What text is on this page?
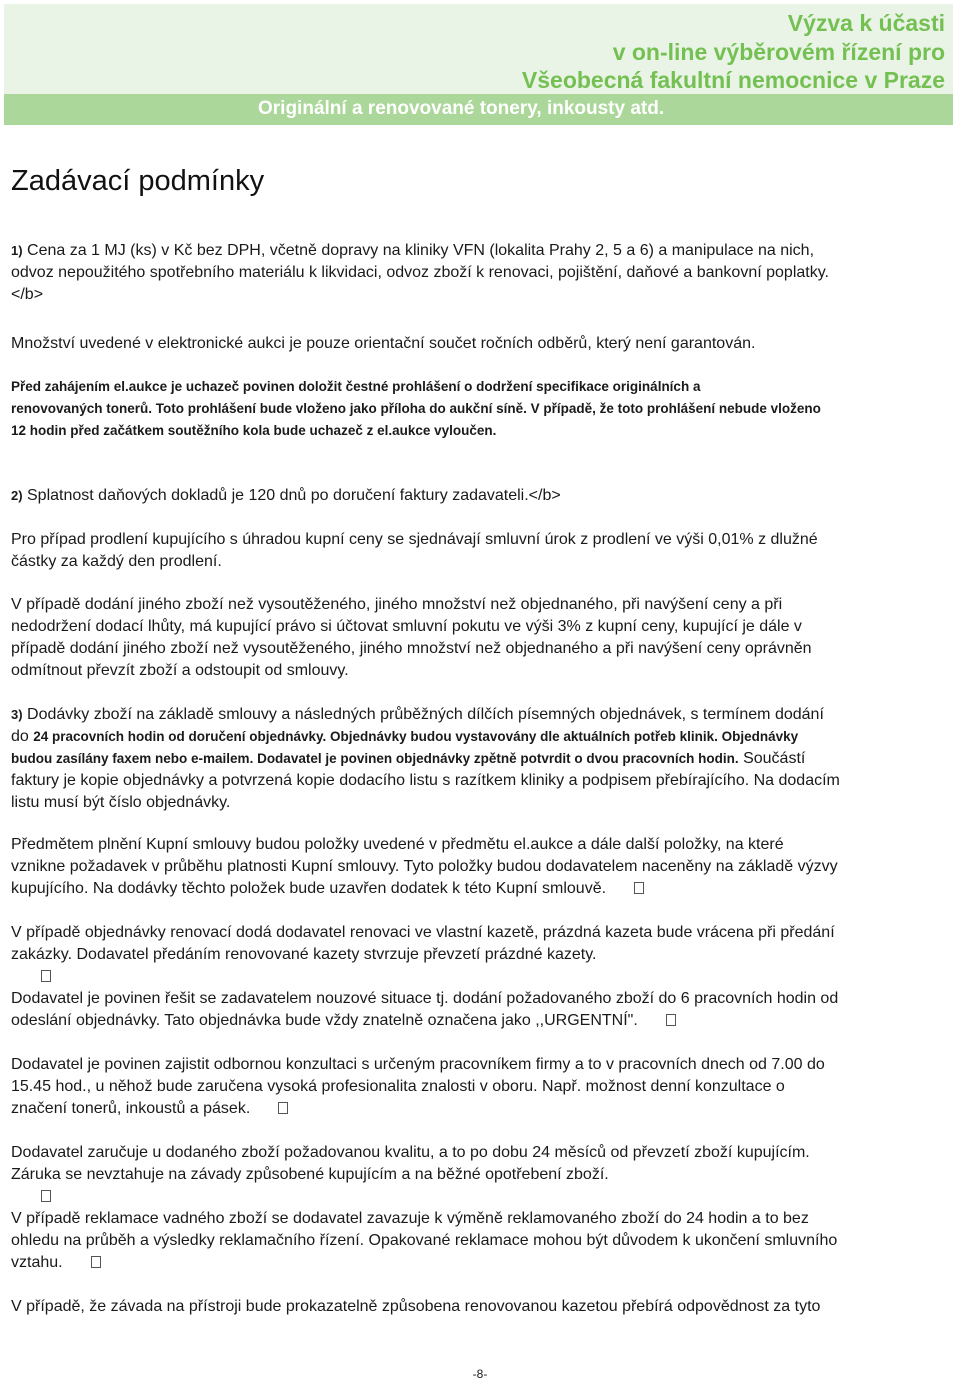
Výzva k účasti
v on-line výběrovém řízení pro
Všeobecná fakultní nemocnice v Praze
Originální a renovované tonery, inkousty atd.
Zadávací podmínky
1) Cena za 1 MJ (ks) v Kč bez DPH, včetně dopravy na kliniky VFN (lokalita Prahy 2, 5 a 6) a manipulace na nich,
odvoz nepoužitého spotřebního materiálu k likvidaci, odvoz zboží k renovaci, pojištění, daňové a bankovní poplatky.
</b>
Množství uvedené v elektronické aukci je pouze orientační součet ročních odběrů, který není garantován.
Před zahájením el.aukce je uchazeč povinen doložit čestné prohlášení o dodržení specifikace originálních a
renovovaných tonerů. Toto prohlášení bude vloženo jako příloha do aukční síně. V případě, že toto prohlášení nebude vloženo
12 hodin před začátkem soutěžního kola bude uchazeč z el.aukce vyloučen.
2) Splatnost daňových dokladů je 120 dnů po doručení faktury zadavateli.</b>
Pro případ prodlení kupujícího s úhradou kupní ceny se sjednávají smluvní úrok z prodlení ve výši 0,01% z dlužné
částky za každý den prodlení.
V případě dodání jiného zboží než vysoutěženého, jiného množství než objednaného, při navýšení ceny a při
nedodržení dodací lhůty, má kupující právo si účtovat smluvní pokutu ve výši 3% z kupní ceny, kupující je dále v
případě dodání jiného zboží než vysoutěženého, jiného množství než objednaného a při navýšení ceny oprávněn
odmítnout převzít zboží a odstoupit od smlouvy.
3) Dodávky zboží na základě smlouvy a následných průběžných dílčích písemných objednávek, s termínem dodání
do 24 pracovních hodin od doručení objednávky. Objednávky budou vystavovány dle aktuálních potřeb klinik. Objednávky
budou zasílány faxem nebo e-mailem. Dodavatel je povinen objednávky zpětně potvrdit o dvou pracovních hodin. Součástí
faktury je kopie objednávky a potvrzená kopie dodacího listu s razítkem kliniky a podpisem přebírajícího. Na dodacím
listu musí být číslo objednávky.
Předmětem plnění Kupní smlouvy budou položky uvedené v předmětu el.aukce a dále další položky, na které
vznikne požadavek v průběhu platnosti Kupní smlouvy. Tyto položky budou dodavatelem naceněny na základě výzvy
kupujícího. Na dodávky těchto položek bude uzavřen dodatek k této Kupní smlouvě.
V případě objednávky renovací dodá dodavatel renovaci ve vlastní kazetě, prázdná kazeta bude vrácena při předání
zakázky. Dodavatel předáním renovované kazety stvrzuje převzetí prázdné kazety.
Dodavatel je povinen řešit se zadavatelem nouzové situace tj. dodání požadovaného zboží do 6 pracovních hodin od
odeslání objednávky. Tato objednávka bude vždy znatelně označena jako ,,URGENTNÍ".
Dodavatel je povinen zajistit odbornou konzultaci s určeným pracovníkem firmy a to v pracovních dnech od 7.00 do
15.45 hod., u něhož bude zaručena vysoká profesionalita znalosti v oboru. Např. možnost denní konzultace o
značení tonerů, inkoustů a pásek.
Dodavatel zaručuje u dodaného zboží požadovanou kvalitu, a to po dobu 24 měsíců od převzetí zboží kupujícím.
Záruka se nevztahuje na závady způsobené kupujícím a na běžné opotřebení zboží.
V případě reklamace vadného zboží se dodavatel zavazuje k výměně reklamovaného zboží do 24 hodin a to bez
ohledu na průběh a výsledky reklamačního řízení. Opakované reklamace mohou být důvodem k ukončení smluvního
vztahu.
V případě, že závada na přístroji bude prokazatelně způsobena renovovanou kazetou přebírá odpovědnost za tyto
-8-
